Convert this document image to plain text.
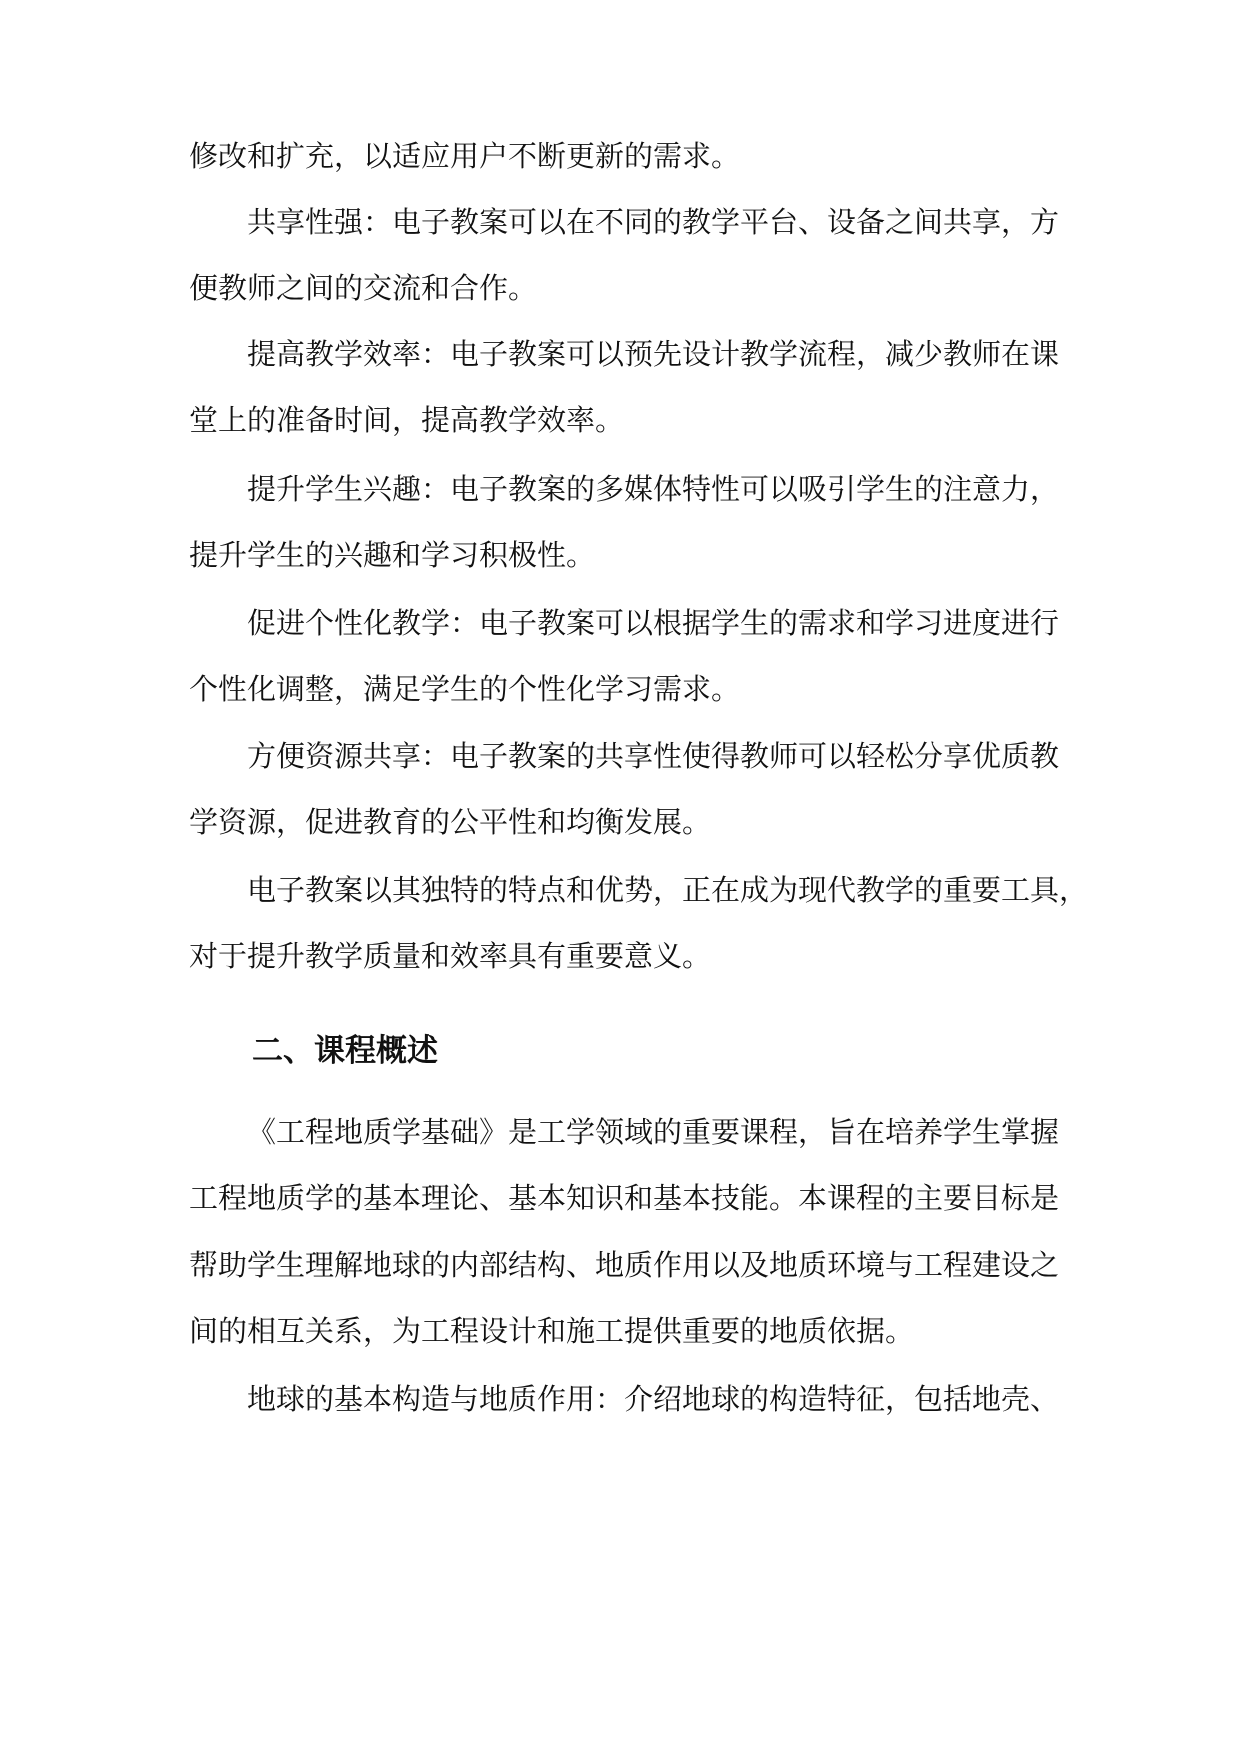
修改和扩充，以适应用户不断更新的需求。
共享性强：电子教案可以在不同的教学平台、设备之间共享，方
便教师之间的交流和合作。
提高教学效率：电子教案可以预先设计教学流程，减少教师在课
堂上的准备时间，提高教学效率。
提升学生兴趣：电子教案的多媒体特性可以吸引学生的注意力，
提升学生的兴趣和学习积极性。
促进个性化教学：电子教案可以根据学生的需求和学习进度进行
个性化调整，满足学生的个性化学习需求。
方便资源共享：电子教案的共享性使得教师可以轻松分享优质教
学资源，促进教育的公平性和均衡发展。
电子教案以其独特的特点和优势，正在成为现代教学的重要工具，
对于提升教学质量和效率具有重要意义。
二、课程概述
《工程地质学基础》是工学领域的重要课程，旨在培养学生掌握
工程地质学的基本理论、基本知识和基本技能。本课程的主要目标是
帮助学生理解地球的内部结构、地质作用以及地质环境与工程建设之
间的相互关系，为工程设计和施工提供重要的地质依据。
地球的基本构造与地质作用：介绍地球的构造特征，包括地壳、
